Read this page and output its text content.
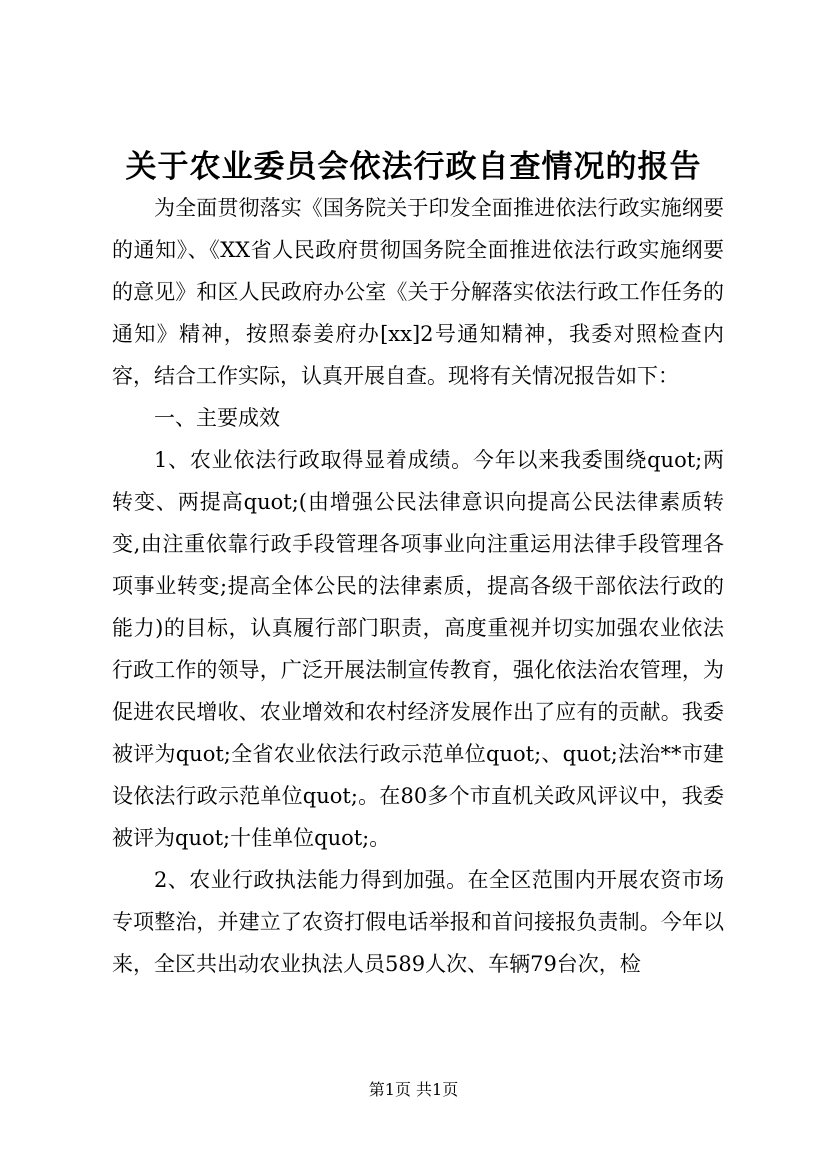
关于农业委员会依法行政自查情况的报告

为全面贯彻落实《国务院关于印发全面推进依法行政实施纲要的通知》、《XX省人民政府贯彻国务院全面推进依法行政实施纲要的意见》和区人民政府办公室《关于分解落实依法行政工作任务的通知》精神，按照泰姜府办[xx]2号通知精神，我委对照检查内容，结合工作实际，认真开展自查。现将有关情况报告如下：

一、主要成效

1、农业依法行政取得显着成绩。今年以来我委围绕quot;两转变、两提高quot;(由增强公民法律意识向提高公民法律素质转变,由注重依靠行政手段管理各项事业向注重运用法律手段管理各项事业转变;提高全体公民的法律素质，提高各级干部依法行政的能力)的目标，认真履行部门职责，高度重视并切实加强农业依法行政工作的领导，广泛开展法制宣传教育，强化依法治农管理，为促进农民增收、农业增效和农村经济发展作出了应有的贡献。我委被评为quot;全省农业依法行政示范单位quot;、quot;法治**市建设依法行政示范单位quot;。在80多个市直机关政风评议中，我委被评为quot;十佳单位quot;。

2、农业行政执法能力得到加强。在全区范围内开展农资市场专项整治，并建立了农资打假电话举报和首问接报负责制。今年以来，全区共出动农业执法人员589人次、车辆79台次，检

第1页 共1页
